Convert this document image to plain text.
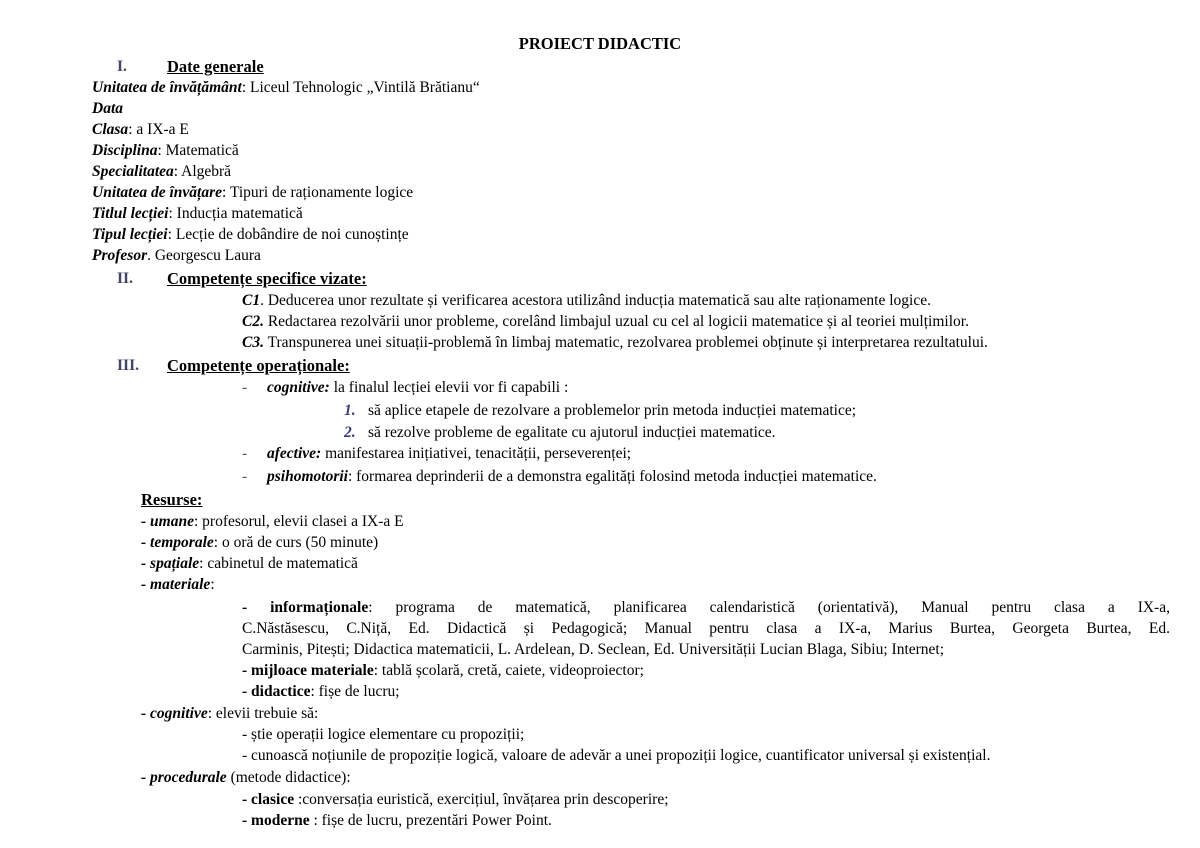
PROIECT DIDACTIC
I. Date generale
Unitatea de învățământ: Liceul Tehnologic „Vintilă Brătianu“
Data
Clasa: a IX-a E
Disciplina: Matematică
Specialitatea: Algebră
Unitatea de învățare: Tipuri de raționamente logice
Titlul lecției: Inducția matematică
Tipul lecției: Lecție de dobândire de noi cunoștințe
Profesor. Georgescu Laura
II. Competențe specifice vizate:
C1. Deducerea unor rezultate și verificarea acestora utilizând inducția matematică sau alte raționamente logice.
C2. Redactarea rezolvării unor probleme, corelând limbajul uzual cu cel al logicii matematice și al teoriei mulțimilor.
C3. Transpunerea unei situații-problemă în limbaj matematic, rezolvarea problemei obținute și interpretarea rezultatului.
III. Competențe operaționale:
- cognitive: la finalul lecției elevii vor fi capabili :
1. să aplice etapele de rezolvare a problemelor prin metoda inducției matematice;
2. să rezolve probleme de egalitate cu ajutorul inducției matematice.
- afective: manifestarea inițiativei, tenacității, perseverenței;
- psihomotorii: formarea deprinderii de a demonstra egalități folosind metoda inducției matematice.
Resurse:
- umane: profesorul, elevii clasei a IX-a E
- temporale: o oră de curs (50 minute)
- spațiale: cabinetul de matematică
- materiale:
- informaționale: programa de matematică, planificarea calendaristică (orientativă), Manual pentru clasa a IX-a,
C.Năstăsescu, C.Niță, Ed. Didactică și Pedagogică; Manual pentru clasa a IX-a, Marius Burtea, Georgeta Burtea, Ed.
Carminis, Pitești; Didactica matematicii, L. Ardelean, D. Seclean, Ed. Universității Lucian Blaga, Sibiu; Internet;
- mijloace materiale: tablă școlară, cretă, caiete, videoproiector;
- didactice: fișe de lucru;
- cognitive: elevii trebuie să:
- știe operații logice elementare cu propoziții;
- cunoască noțiunile de propoziție logică, valoare de adevăr a unei propoziții logice, cuantificator universal și existențial.
- procedurale (metode didactice):
- clasice :conversația euristică, exercițiul, învățarea prin descoperire;
- moderne : fișe de lucru, prezentări Power Point.
